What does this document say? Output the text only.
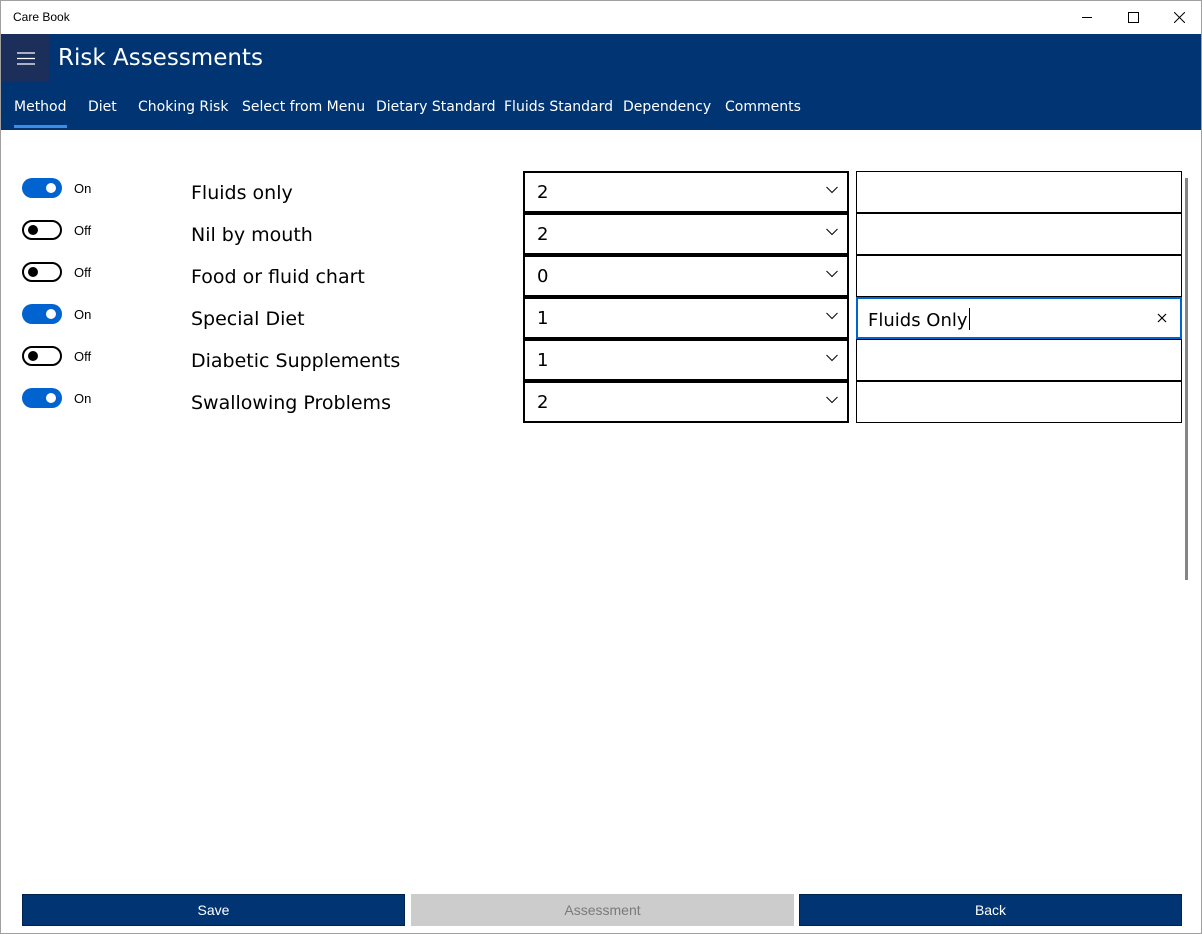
Care Book
Risk Assessments
Method Diet Choking Risk Select from Menu Dietary Standard Fluids Standard Dependency Comments
On	Fluids only	2
Off	Nil by mouth	2
Off	Food or fluid chart	0
On	Special Diet	1	Fluids Only
Off	Diabetic Supplements	1
On	Swallowing Problems	2
Save	Assessment	Back
